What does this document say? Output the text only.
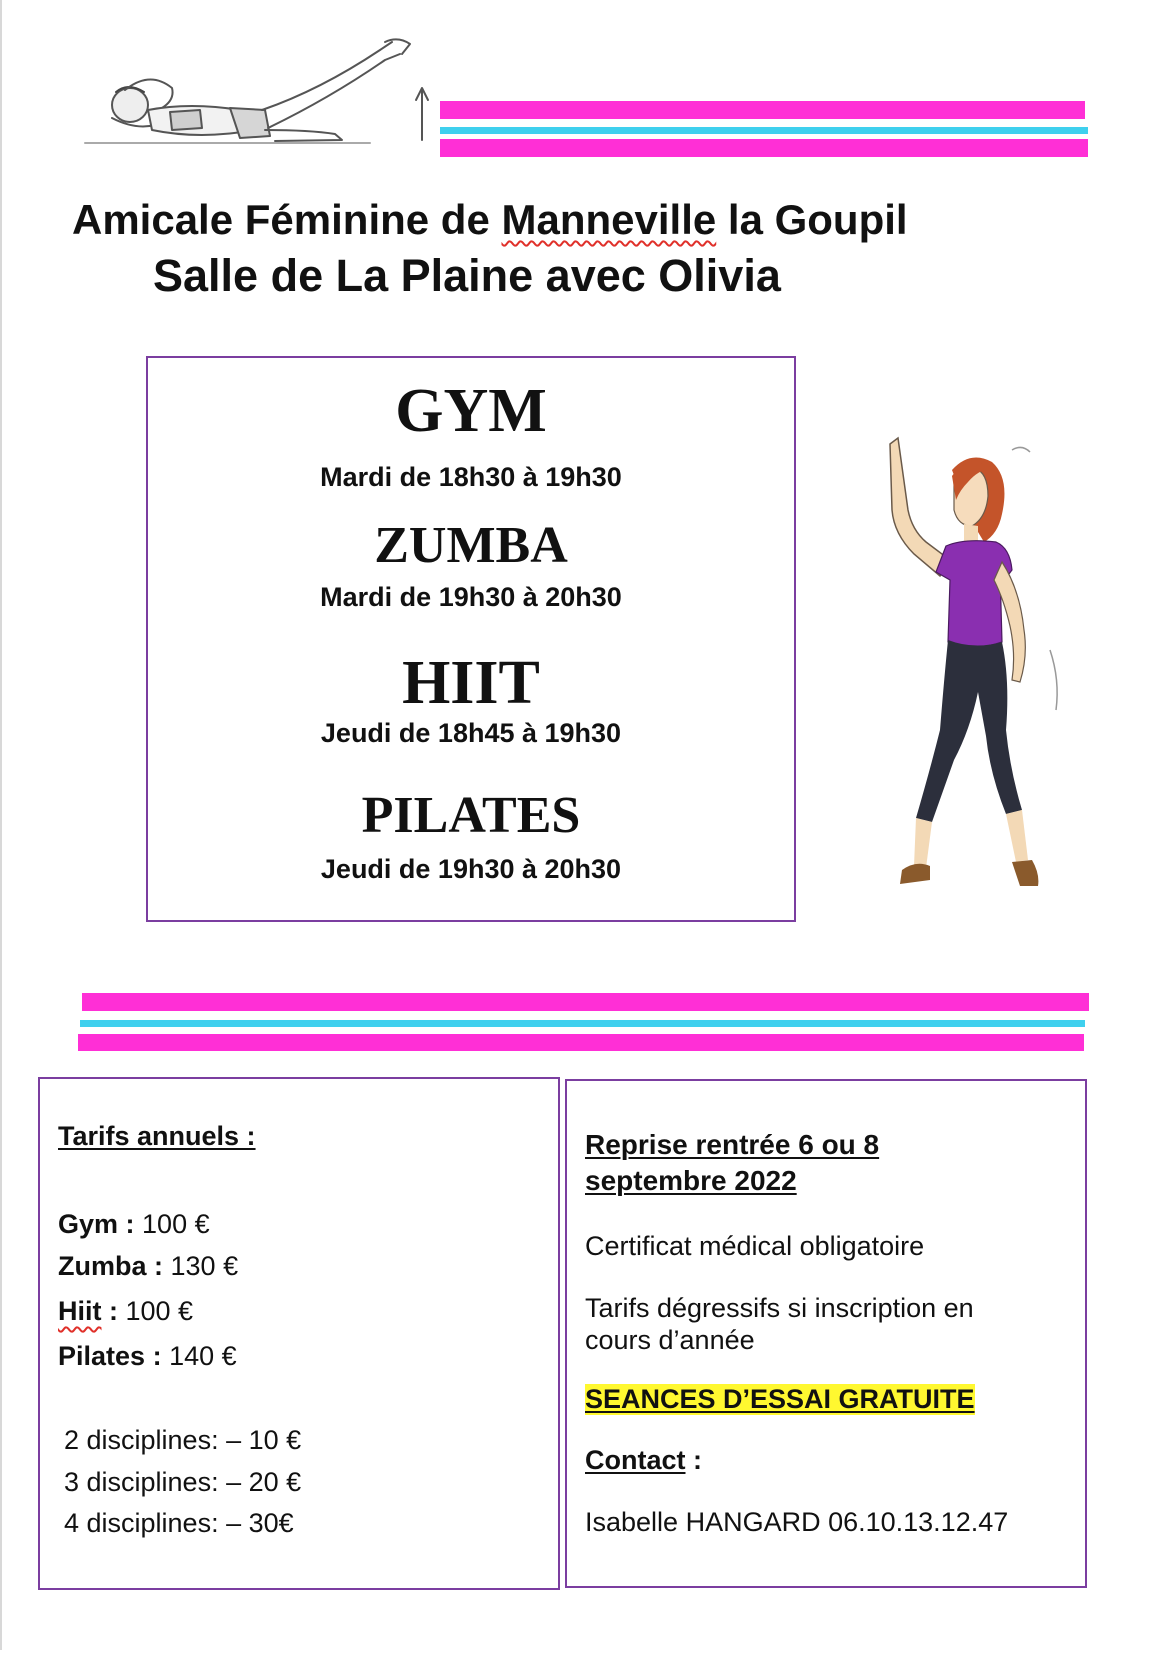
Amicale Féminine de Manneville la Goupil
Salle de La Plaine avec Olivia
GYM
Mardi de 18h30 à 19h30
ZUMBA
Mardi de 19h30 à 20h30
HIIT
Jeudi de 18h45 à 19h30
PILATES
Jeudi de 19h30 à 20h30
Tarifs annuels :
Gym : 100 €
Zumba : 130 €
Hiit : 100 €
Pilates : 140 €
2 disciplines: – 10 €
3 disciplines: – 20 €
4 disciplines: – 30€
Reprise rentrée 6 ou 8
septembre 2022
Certificat médical obligatoire
Tarifs dégressifs si inscription en
cours d’année
SEANCES D’ESSAI GRATUITE
Contact :
Isabelle HANGARD 06.10.13.12.47
